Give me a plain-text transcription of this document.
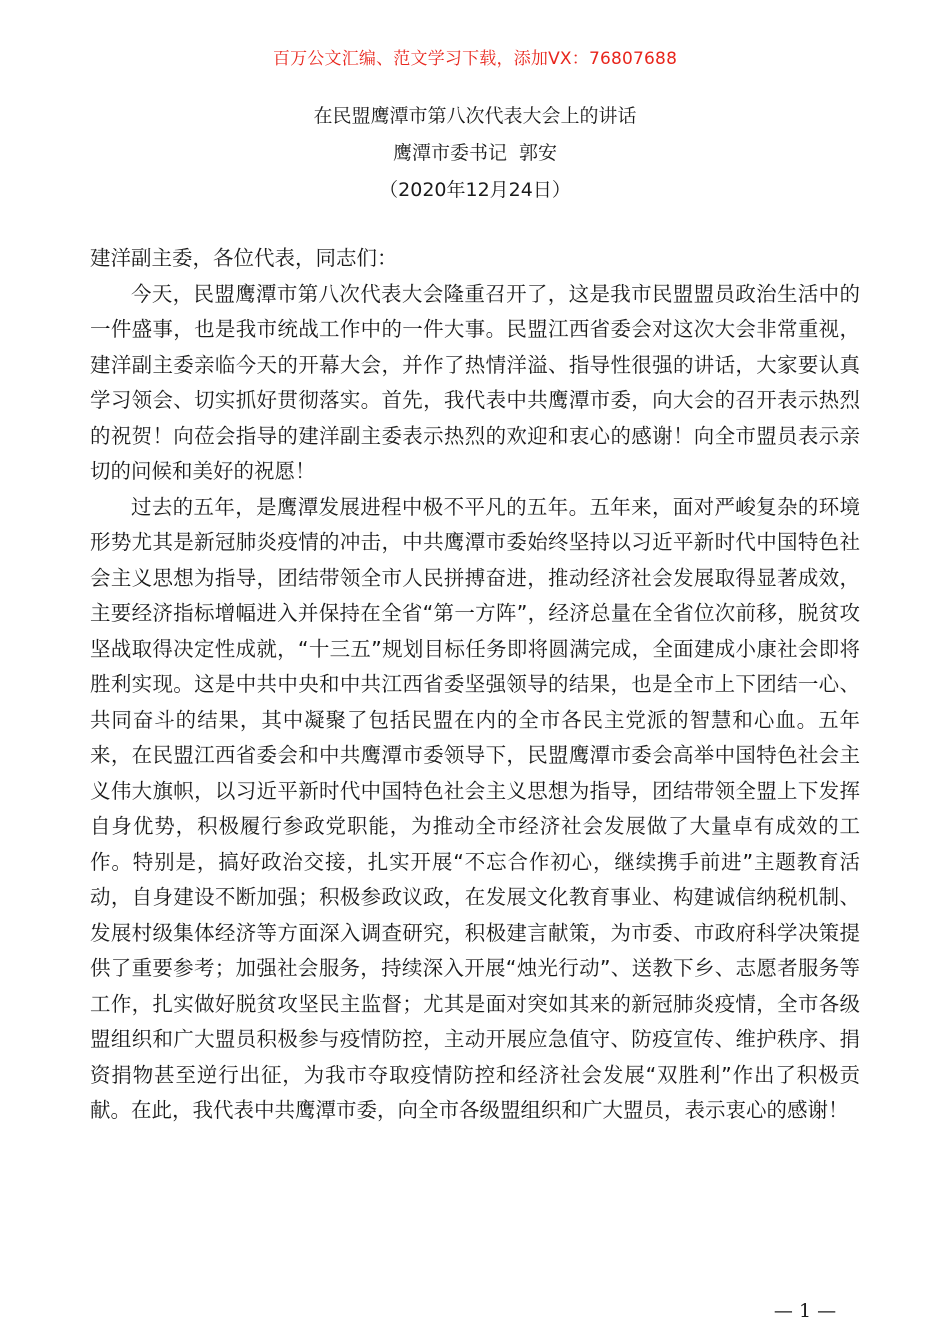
百万公文汇编、范文学习下载，添加VX：76807688
在民盟鹰潭市第八次代表大会上的讲话
鹰潭市委书记  郭安
（2020年12月24日）

建洋副主委，各位代表，同志们：

今天，民盟鹰潭市第八次代表大会隆重召开了，这是我市民盟盟员政治生活中的一件盛事，也是我市统战工作中的一件大事。民盟江西省委会对这次大会非常重视，建洋副主委亲临今天的开幕大会，并作了热情洋溢、指导性很强的讲话，大家要认真学习领会、切实抓好贯彻落实。首先，我代表中共鹰潭市委，向大会的召开表示热烈的祝贺！向莅会指导的建洋副主委表示热烈的欢迎和衷心的感谢！向全市盟员表示亲切的问候和美好的祝愿！

过去的五年，是鹰潭发展进程中极不平凡的五年。五年来，面对严峻复杂的环境形势尤其是新冠肺炎疫情的冲击，中共鹰潭市委始终坚持以习近平新时代中国特色社会主义思想为指导，团结带领全市人民拼搏奋进，推动经济社会发展取得显著成效，主要经济指标增幅进入并保持在全省“第一方阵”，经济总量在全省位次前移，脱贫攻坚战取得决定性成就，“十三五”规划目标任务即将圆满完成，全面建成小康社会即将胜利实现。这是中共中央和中共江西省委坚强领导的结果，也是全市上下团结一心、共同奋斗的结果，其中凝聚了包括民盟在内的全市各民主党派的智慧和心血。五年来，在民盟江西省委会和中共鹰潭市委领导下，民盟鹰潭市委会高举中国特色社会主义伟大旗帜，以习近平新时代中国特色社会主义思想为指导，团结带领全盟上下发挥自身优势，积极履行参政党职能，为推动全市经济社会发展做了大量卓有成效的工作。特别是，搞好政治交接，扎实开展“不忘合作初心，继续携手前进”主题教育活动，自身建设不断加强；积极参政议政，在发展文化教育事业、构建诚信纳税机制、发展村级集体经济等方面深入调查研究，积极建言献策，为市委、市政府科学决策提供了重要参考；加强社会服务，持续深入开展“烛光行动”、送教下乡、志愿者服务等工作，扎实做好脱贫攻坚民主监督；尤其是面对突如其来的新冠肺炎疫情，全市各级盟组织和广大盟员积极参与疫情防控，主动开展应急值守、防疫宣传、维护秩序、捐资捐物甚至逆行出征，为我市夺取疫情防控和经济社会发展“双胜利”作出了积极贡献。在此，我代表中共鹰潭市委，向全市各级盟组织和广大盟员，表示衷心的感谢！

— 1 —
